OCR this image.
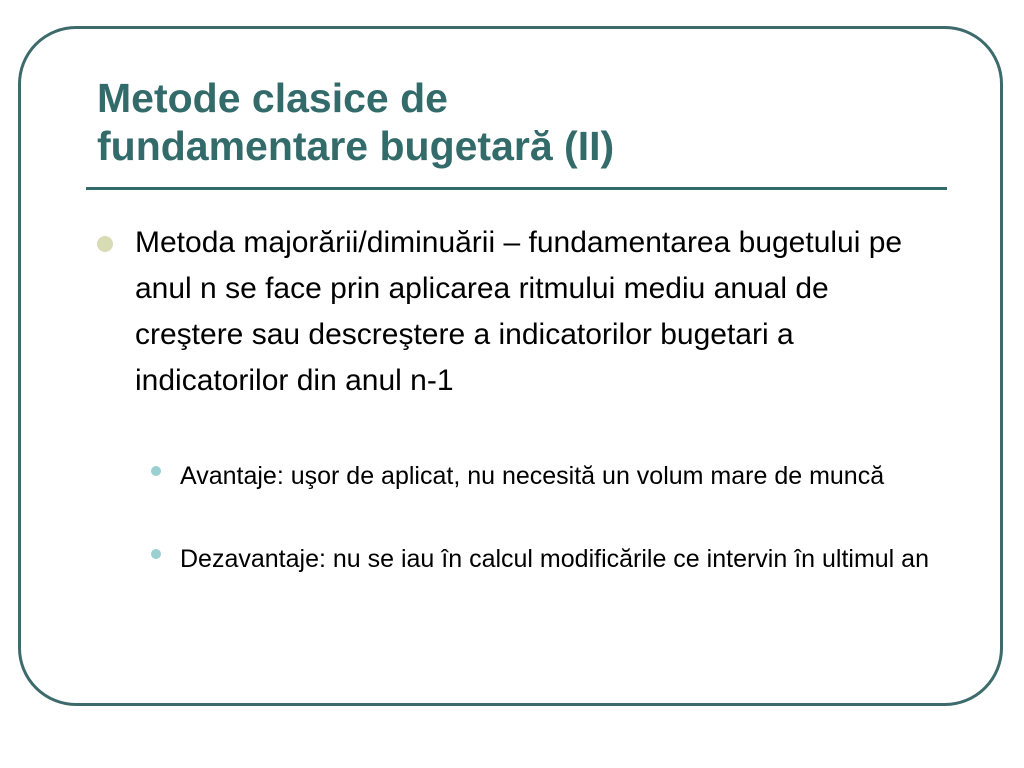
Metode clasice de
fundamentare bugetară (II)
Metoda majorării/diminuării – fundamentarea bugetului pe anul n se face prin aplicarea ritmului mediu anual de creştere sau descreştere a indicatorilor bugetari a indicatorilor din anul n-1
Avantaje: uşor de aplicat, nu necesită un volum mare de muncă
Dezavantaje: nu se iau în calcul modificările ce intervin în ultimul an
